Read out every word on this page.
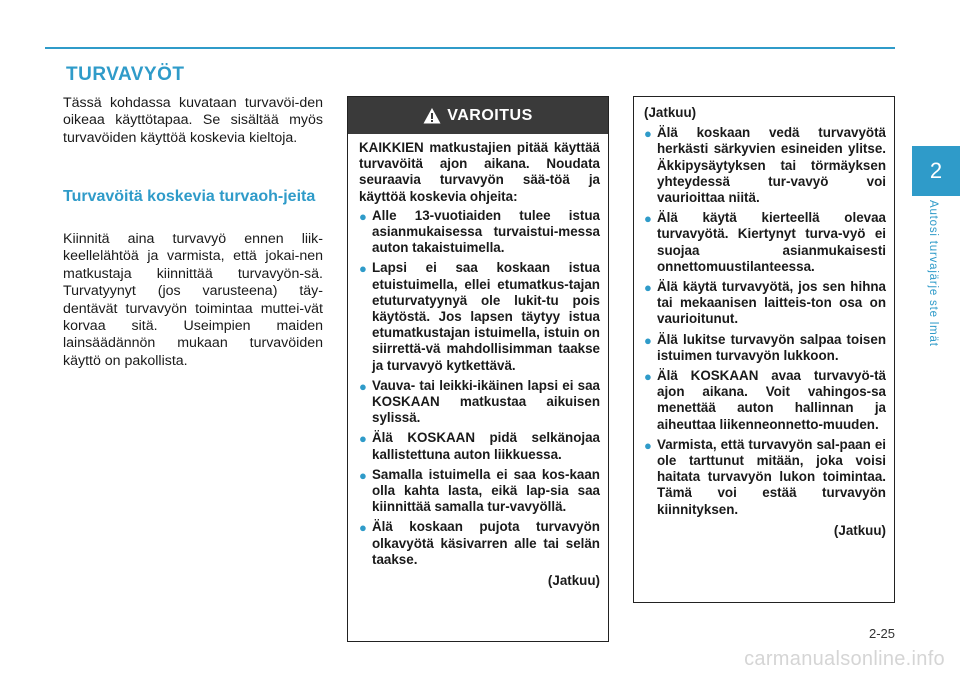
TURVAVYÖT

Tässä kohdassa kuvataan turvavöi-den oikeaa käyttötapaa. Se sisältää myös turvavöiden käyttöä koskevia kieltoja.

Turvavöitä koskevia turvaoh-jeita

Kiinnitä aina turvavyö ennen liik-keellelähtöä ja varmista, että jokai-nen matkustaja kiinnittää turvavyön-sä. Turvatyynyt (jos varusteena) täy-dentävät turvavyön toimintaa muttei-vät korvaa sitä. Useimpien maiden lainsäädännön mukaan turvavöiden käyttö on pakollista.

VAROITUS

KAIKKIEN matkustajien pitää käyttää turvavöitä ajon aikana. Noudata seuraavia turvavyön sää-töä ja käyttöä koskevia ohjeita:

● Alle 13-vuotiaiden tulee istua asianmukaisessa turvaistui-messa auton takaistuimella.
● Lapsi ei saa koskaan istua etuistuimella, ellei etumatkus-tajan etuturvatyynyä ole lukit-tu pois käytöstä. Jos lapsen täytyy istua etumatkustajan istuimella, istuin on siirrettä-vä mahdollisimman taakse ja turvavyö kytkettävä.
● Vauva- tai leikki-ikäinen lapsi ei saa KOSKAAN matkustaa aikuisen sylissä.
● Älä KOSKAAN pidä selkänojaa kallistettuna auton liikkuessa.
● Samalla istuimella ei saa kos-kaan olla kahta lasta, eikä lap-sia saa kiinnittää samalla tur-vavyöllä.
● Älä koskaan pujota turvavyön olkavyötä käsivarren alle tai selän taakse.

(Jatkuu)

(Jatkuu)

● Älä koskaan vedä turvavyötä herkästi särkyvien esineiden ylitse. Äkkipysäytyksen tai törmäyksen yhteydessä tur-vavyö voi vaurioittaa niitä.
● Älä käytä kierteellä olevaa turvavyötä. Kiertynyt turva-vyö ei suojaa asianmukaisesti onnettomuustilanteessa.
● Älä käytä turvavyötä, jos sen hihna tai mekaanisen laitteis-ton osa on vaurioitunut.
● Älä lukitse turvavyön salpaa toisen istuimen turvavyön lukkoon.
● Älä KOSKAAN avaa turvavyö-tä ajon aikana. Voit vahingos-sa menettää auton hallinnan ja aiheuttaa liikenneonnetto-muuden.
● Varmista, että turvavyön sal-paan ei ole tarttunut mitään, joka voisi haitata turvavyön lukon toimintaa. Tämä voi estää turvavyön kiinnityksen.

(Jatkuu)

2
Autosi turvajärje ste lmät
2-25
carmanualsonline.info
